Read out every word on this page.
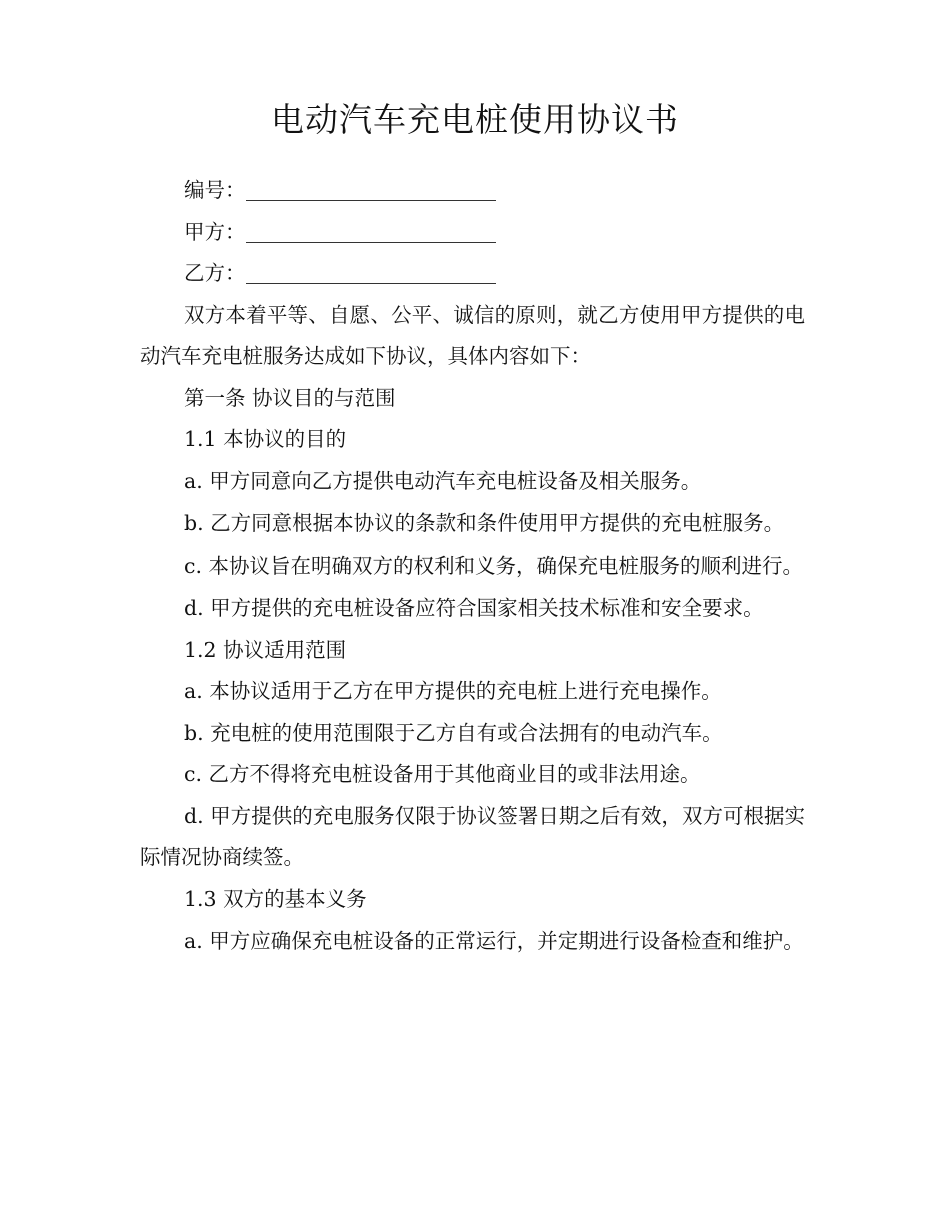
电动汽车充电桩使用协议书

编号：

甲方：

乙方：

双方本着平等、自愿、公平、诚信的原则，就乙方使用甲方提供的电动汽车充电桩服务达成如下协议，具体内容如下：

第一条 协议目的与范围

1.1 本协议的目的

a. 甲方同意向乙方提供电动汽车充电桩设备及相关服务。

b. 乙方同意根据本协议的条款和条件使用甲方提供的充电桩服务。

c. 本协议旨在明确双方的权利和义务，确保充电桩服务的顺利进行。

d. 甲方提供的充电桩设备应符合国家相关技术标准和安全要求。

1.2 协议适用范围

a. 本协议适用于乙方在甲方提供的充电桩上进行充电操作。

b. 充电桩的使用范围限于乙方自有或合法拥有的电动汽车。

c. 乙方不得将充电桩设备用于其他商业目的或非法用途。

d. 甲方提供的充电服务仅限于协议签署日期之后有效，双方可根据实际情况协商续签。

1.3 双方的基本义务

a. 甲方应确保充电桩设备的正常运行，并定期进行设备检查和维护。
